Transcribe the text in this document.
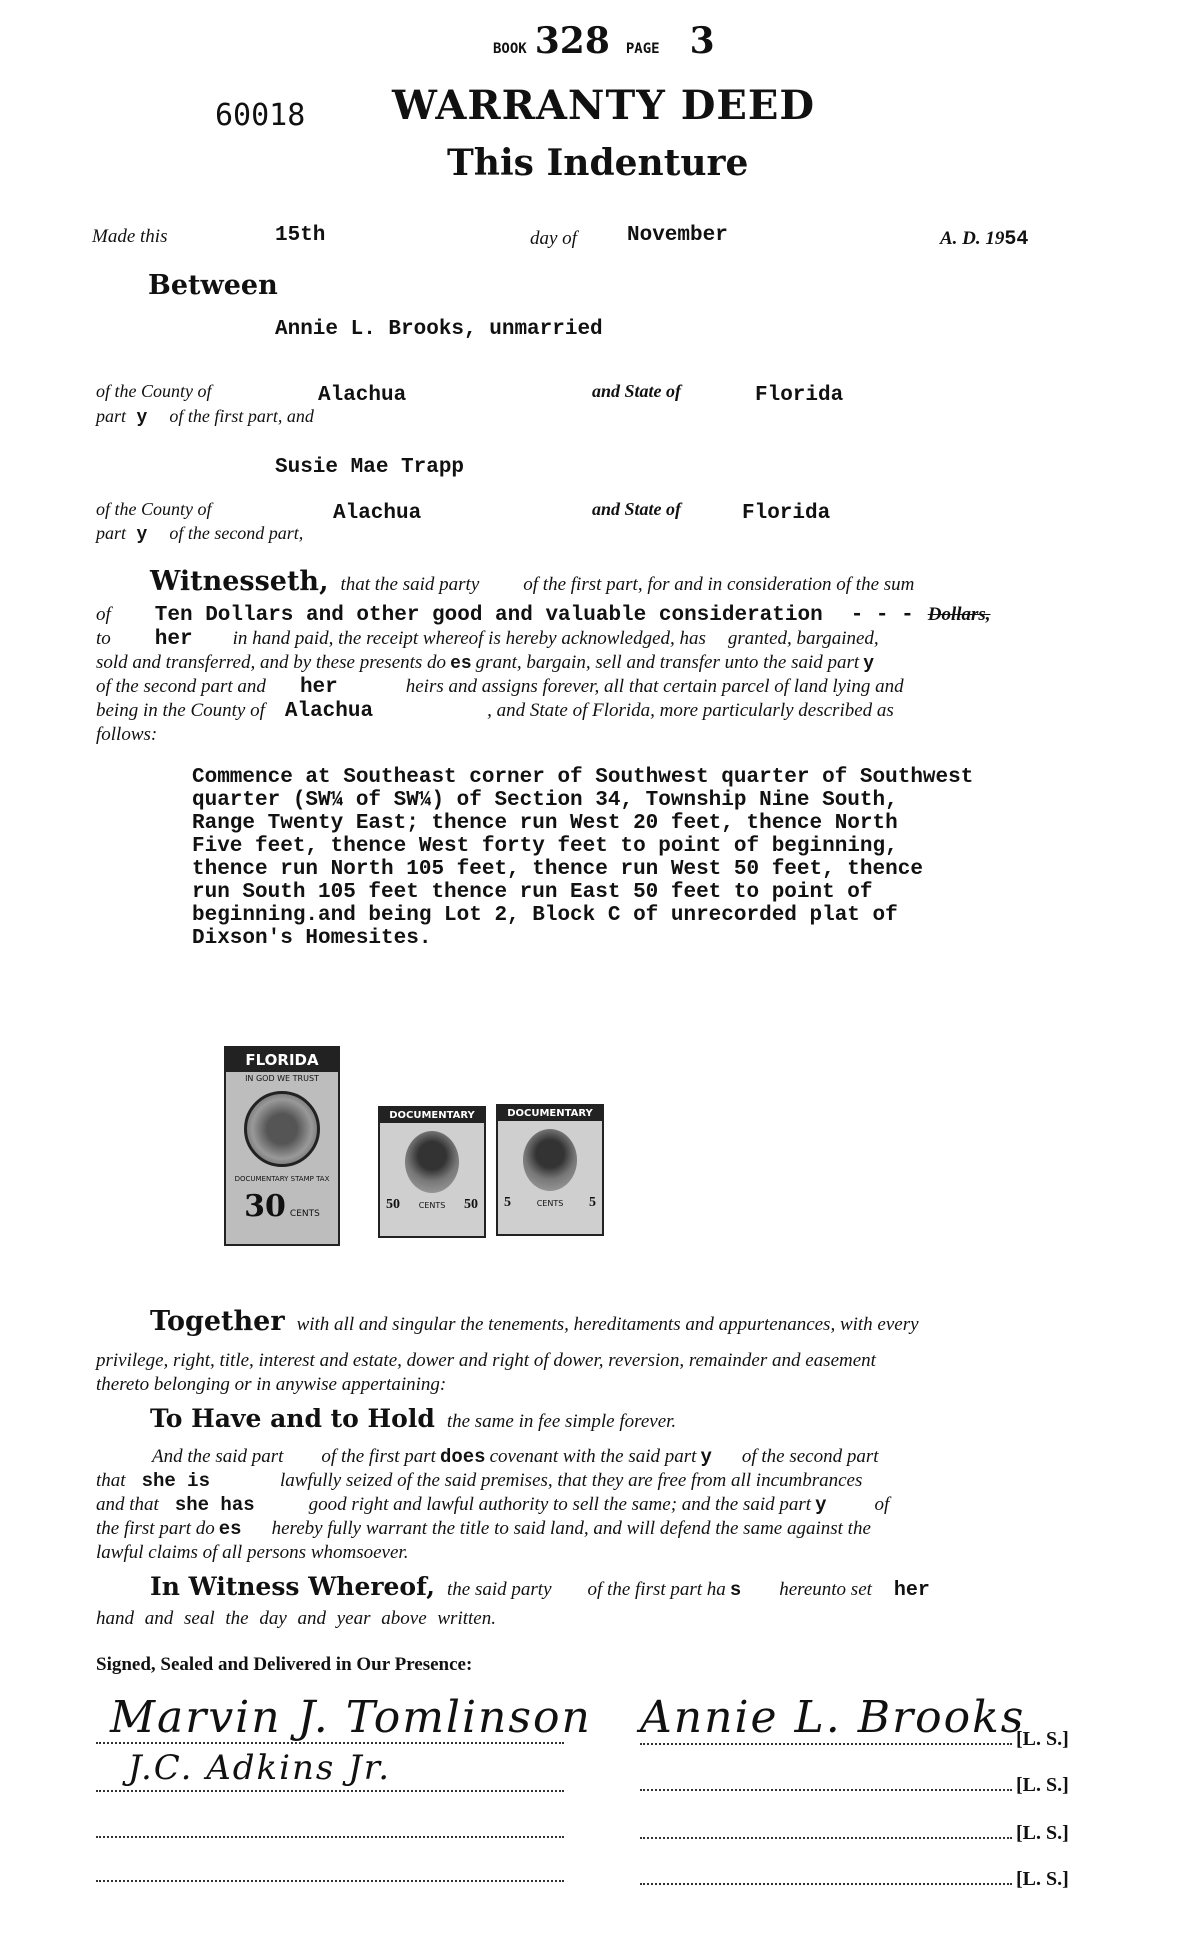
BOOK 328 PAGE 3
60018 WARRANTY DEED
This Indenture
Made this	15th	day of November	A. D. 1954
Between
Annie L. Brooks, unmarried
of the County of	Alachua	and State of	Florida
part y of the first part, and
Susie Mae Trapp
of the County of	Alachua	and State of	Florida
part y of the second part,
Witnesseth, that the said party of the first part, for and in consideration of the sum
of Ten Dollars and other good and valuable consideration - - - Dollars,
to her in hand paid, the receipt whereof is hereby acknowledged, has granted, bargained,
sold and transferred, and by these presents do es grant, bargain, sell and transfer unto the said part y
of the second part and her	heirs and assigns forever, all that certain parcel of land lying and
being in the County of Alachua	, and State of Florida, more particularly described as
follows:
Commence at Southeast corner of Southwest quarter of Southwest
quarter (SW¼ of SW¼) of Section 34, Township Nine South,
Range Twenty East; thence run West 20 feet, thence North
Five feet, thence West forty feet to point of beginning,
thence run North 105 feet, thence run West 50 feet, thence
run South 105 feet thence run East 50 feet to point of
beginning.and being Lot 2, Block C of unrecorded plat of
Dixson's Homesites.
FLORIDA
IN GOD WE TRUST
DOCUMENTARY STAMP TAX
30 CENTS
DOCUMENTARY
50 CENTS 50
DOCUMENTARY
5	CENTS 5
Together with all and singular the tenements, hereditaments and appurtenances, with every
privilege, right, title, interest and estate, dower and right of dower, reversion, remainder and easement
thereto belonging or in anywise appertaining:
To Have and to Hold the same in fee simple forever.
And the said part of the first part does covenant with the said part y of the second part
that she is	lawfully seized of the said premises, that they are free from all incumbrances
and that she has	good right and lawful authority to sell the same; and the said part y	of
the first part do es hereby fully warrant the title to said land, and will defend the same against the
lawful claims of all persons whomsoever.
In Witness Whereof, the said party of the first part ha s hereunto set her
hand and seal the day and year above written.
Signed, Sealed and Delivered in Our Presence:
Marvin J. Tomlinson
J.C. Adkins Jr.
Annie L. Brooks
[L. S.]
[L. S.]
[L. S.]
[L. S.]
